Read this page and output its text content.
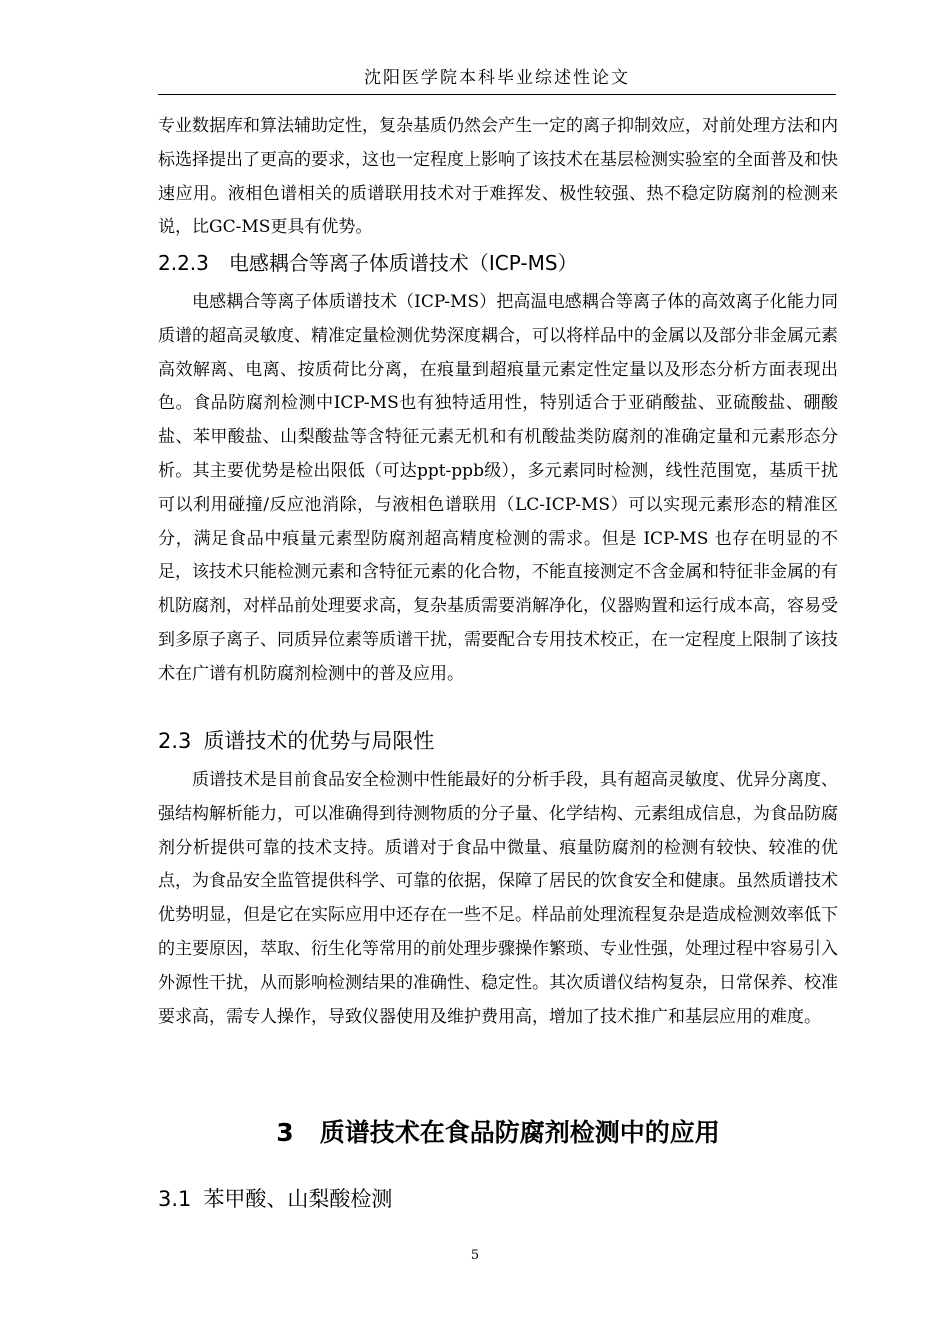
沈阳医学院本科毕业综述性论文
专业数据库和算法辅助定性，复杂基质仍然会产生一定的离子抑制效应，对前处理方法和内标选择提出了更高的要求，这也一定程度上影响了该技术在基层检测实验室的全面普及和快速应用。液相色谱相关的质谱联用技术对于难挥发、极性较强、热不稳定防腐剂的检测来说，比GC-MS更具有优势。
2.2.3 电感耦合等离子体质谱技术（ICP-MS）
电感耦合等离子体质谱技术（ICP-MS）把高温电感耦合等离子体的高效离子化能力同质谱的超高灵敏度、精准定量检测优势深度耦合，可以将样品中的金属以及部分非金属元素高效解离、电离、按质荷比分离，在痕量到超痕量元素定性定量以及形态分析方面表现出色。食品防腐剂检测中ICP-MS也有独特适用性，特别适合于亚硝酸盐、亚硫酸盐、硼酸盐、苯甲酸盐、山梨酸盐等含特征元素无机和有机酸盐类防腐剂的准确定量和元素形态分析。其主要优势是检出限低（可达ppt-ppb级），多元素同时检测，线性范围宽，基质干扰可以利用碰撞/反应池消除，与液相色谱联用（LC-ICP-MS）可以实现元素形态的精准区分，满足食品中痕量元素型防腐剂超高精度检测的需求。但是 ICP-MS 也存在明显的不足，该技术只能检测元素和含特征元素的化合物，不能直接测定不含金属和特征非金属的有机防腐剂，对样品前处理要求高，复杂基质需要消解净化，仪器购置和运行成本高，容易受到多原子离子、同质异位素等质谱干扰，需要配合专用技术校正，在一定程度上限制了该技术在广谱有机防腐剂检测中的普及应用。
2.3 质谱技术的优势与局限性
质谱技术是目前食品安全检测中性能最好的分析手段，具有超高灵敏度、优异分离度、强结构解析能力，可以准确得到待测物质的分子量、化学结构、元素组成信息，为食品防腐剂分析提供可靠的技术支持。质谱对于食品中微量、痕量防腐剂的检测有较快、较准的优点，为食品安全监管提供科学、可靠的依据，保障了居民的饮食安全和健康。虽然质谱技术优势明显，但是它在实际应用中还存在一些不足。样品前处理流程复杂是造成检测效率低下的主要原因，萃取、衍生化等常用的前处理步骤操作繁琐、专业性强，处理过程中容易引入外源性干扰，从而影响检测结果的准确性、稳定性。其次质谱仪结构复杂，日常保养、校准要求高，需专人操作，导致仪器使用及维护费用高，增加了技术推广和基层应用的难度。
3 质谱技术在食品防腐剂检测中的应用
3.1 苯甲酸、山梨酸检测
5
